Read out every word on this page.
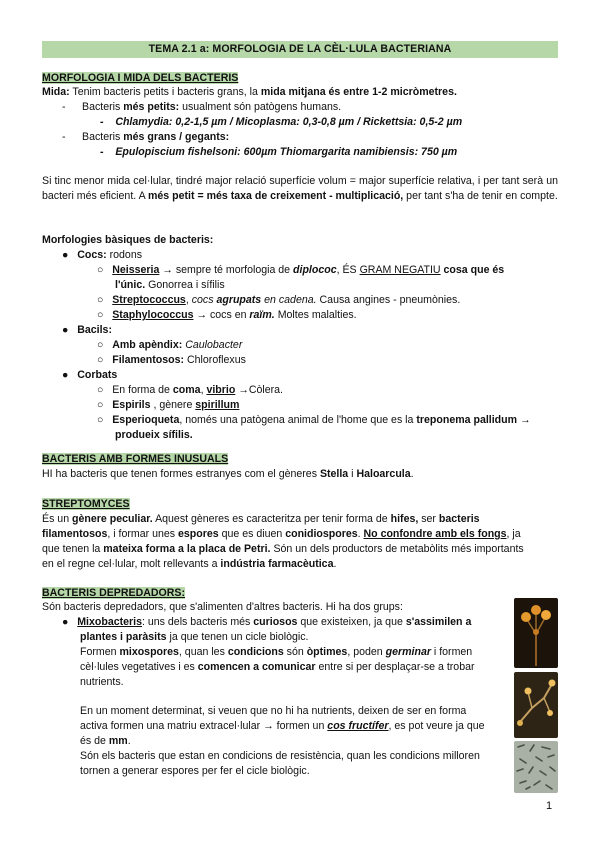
TEMA 2.1 a: MORFOLOGIA DE LA CÈL·LULA BACTERIANA
MORFOLOGIA I MIDA DELS BACTERIS
Mida: Tenim bacteris petits i bacteris grans, la mida mitjana és entre 1-2 micròmetres.
- Bacteris més petits: usualment són patògens humans.
-    Chlamydia: 0,2-1,5 µm / Micoplasma: 0,3-0,8 µm / Rickettsia: 0,5-2 µm
- Bacteris més grans / gegants:
-    Epulopiscium fishelsoni: 600µm Thiomargarita namibiensis: 750 µm
Si tinc menor mida cel·lular, tindré major relació superfície volum = major superfície relativa, i per tant serà un bacteri més eficient. A més petit = més taxa de creixement - multiplicació, per tant s'ha de tenir en compte.
Morfologies bàsiques de bacteris:
●   Cocs: rodons
○   Neisseria → sempre té morfologia de diplococ, ÉS GRAM NEGATIU cosa que és
l'únic. Gonorrea i sífilis
○   Streptococcus, cocs agrupats en cadena. Causa angines - pneumònies.
○   Staphylococcus → cocs en raïm. Moltes malalties.
●   Bacils:
○   Amb apèndix: Caulobacter
○   Filamentosos: Chloroflexus
●   Corbats
○   En forma de coma, vibrio →Còlera.
○   Espirils , gènere spirillum
○   Esperioqueta, només una patògena animal de l'home que es la treponema pallidum →
produeix sífilis.
BACTERIS AMB FORMES INUSUALS
HI ha bacteris que tenen formes estranyes com el gèneres Stella i Haloarcula.
STREPTOMYCES
És un gènere peculiar. Aquest gèneres es caracteritza per tenir forma de hifes, ser bacteris
filamentosos, i formar unes espores que es diuen conidiospores. No confondre amb els fongs, ja
que tenen la mateixa forma a la placa de Petri. Són un dels productors de metabòlits més importants
en el regne cel·lular, molt rellevants a indústria farmacèutica.
BACTERIS DEPREDADORS:
Són bacteris depredadors, que s'alimenten d'altres bacteris. Hi ha dos grups:
●   Mixobacteris: uns dels bacteris més curiosos que existeixen, ja que s'assimilen a
plantes i paràsits ja que tenen un cicle biològic.
Formen mixospores, quan les condicions són òptimes, poden germinar i formen
cèl·lules vegetatives i es comencen a comunicar entre si per desplaçar-se a trobar
nutrients.
En un moment determinat, si veuen que no hi ha nutrients, deixen de ser en forma
activa formen una matriu extracel·lular → formen un cos fructífer, es pot veure ja que
és de mm.
Són els bacteris que estan en condicions de resistència, quan les condicions milloren
tornen a generar espores per fer el cicle biològic.
1
